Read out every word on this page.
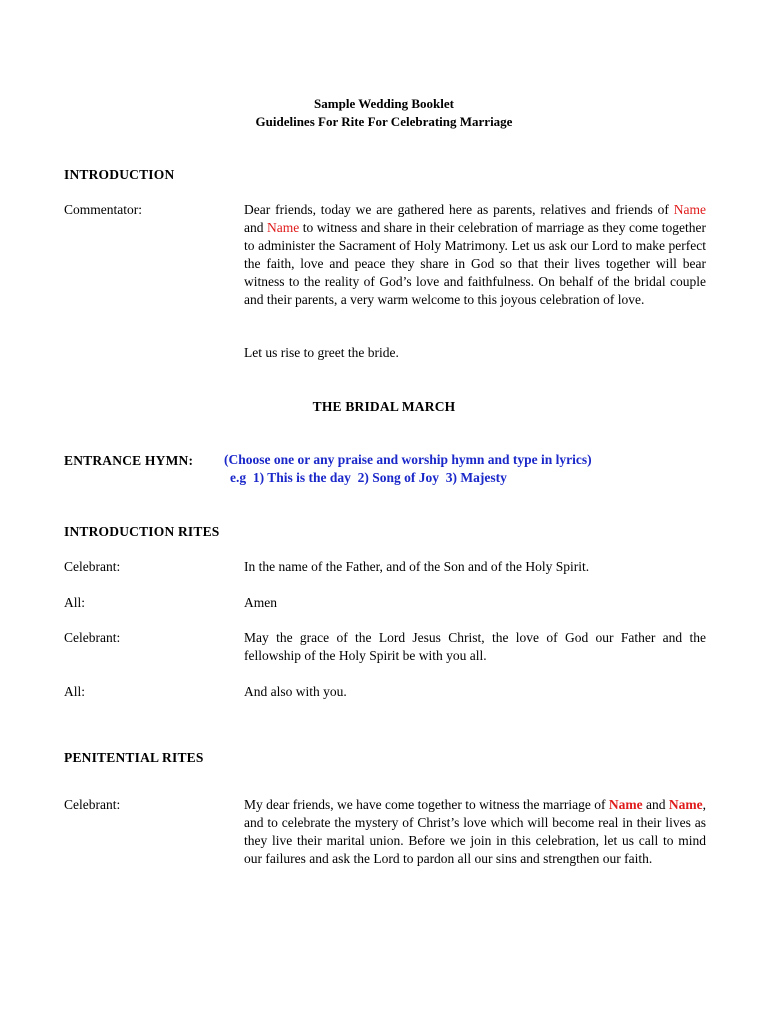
Sample Wedding Booklet
Guidelines For Rite For Celebrating Marriage
INTRODUCTION
Commentator:	Dear friends, today we are gathered here as parents, relatives and friends of Name and Name to witness and share in their celebration of marriage as they come together to administer the Sacrament of Holy Matrimony. Let us ask our Lord to make perfect the faith, love and peace they share in God so that their lives together will bear witness to the reality of God’s love and faithfulness. On behalf of the bridal couple and their parents, a very warm welcome to this joyous celebration of love.
Let us rise to greet the bride.
THE BRIDAL MARCH
ENTRANCE HYMN: (Choose one or any praise and worship hymn and type in lyrics)
e.g  1) This is the day  2) Song of Joy  3) Majesty
INTRODUCTION RITES
Celebrant:	In the name of the Father, and of the Son and of the Holy Spirit.
All:	Amen
Celebrant:	May the grace of the Lord Jesus Christ, the love of God our Father and the fellowship of the Holy Spirit be with you all.
All:	And also with you.
PENITENTIAL RITES
Celebrant:	My dear friends, we have come together to witness the marriage of Name and Name, and to celebrate the mystery of Christ’s love which will become real in their lives as they live their marital union. Before we join in this celebration, let us call to mind our failures and ask the Lord to pardon all our sins and strengthen our faith.
